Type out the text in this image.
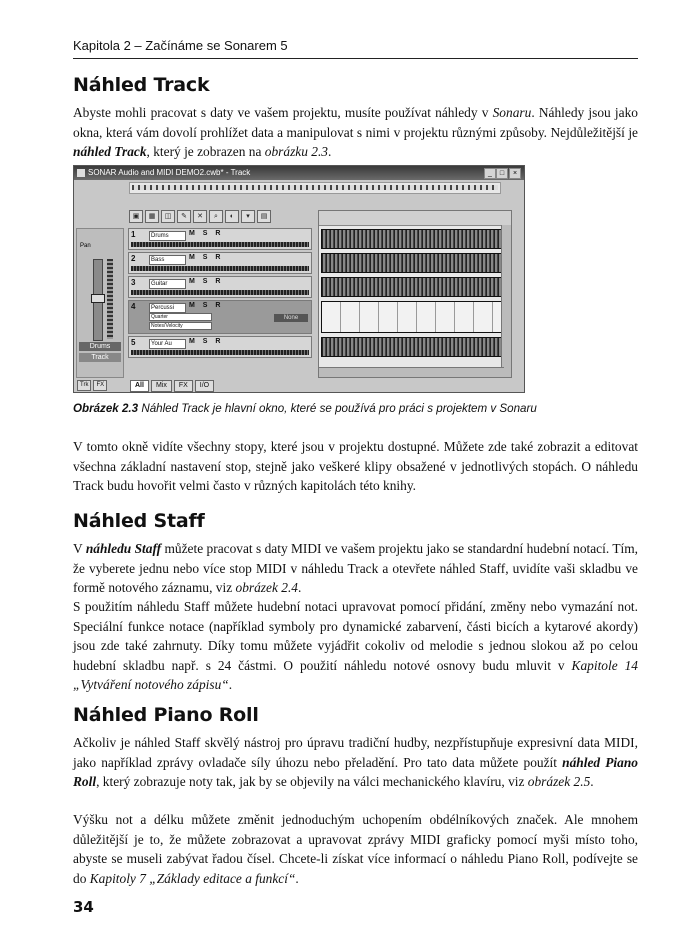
Kapitola 2 – Začínáme se Sonarem 5
Náhled Track

Abyste mohli pracovat s daty ve vašem projektu, musíte používat náhledy v Sonaru. Náhledy jsou jako okna, která vám dovolí prohlížet data a manipulovat s nimi v projektu různými způsoby. Nejdůležitější je náhled Track, který je zobrazen na obrázku 2.3.

SONAR Audio and MIDI DEMO2.cwb* - Track	_	□	×
▣	▦	◫	✎	✕	⌕	◐	▾	▤
Pan
Drums
Track
1	Drums	M S R
2	Bass	M S R
3	Guitar	M S R
4	Percussi	M S R
Quarter
Notes/Velocity
None
5	Your Au	M S R
Trk	FX	All	Mix	FX	I/O
Obrázek 2.3 Náhled Track je hlavní okno, které se používá pro práci s projektem v Sonaru

V tomto okně vidíte všechny stopy, které jsou v projektu dostupné. Můžete zde také zobrazit a editovat všechna základní nastavení stop, stejně jako veškeré klipy obsažené v jednotlivých stopách. O náhledu Track budu hovořit velmi často v různých kapitolách této knihy.

Náhled Staff

V náhledu Staff můžete pracovat s daty MIDI ve vašem projektu jako se standardní hudební notací. Tím, že vyberete jednu nebo více stop MIDI v náhledu Track a otevřete náhled Staff, uvidíte vaši skladbu ve formě notového záznamu, viz obrázek 2.4.

S použitím náhledu Staff můžete hudební notaci upravovat pomocí přidání, změny nebo vymazání not. Speciální funkce notace (například symboly pro dynamické zabarvení, části bicích a kytarové akordy) jsou zde také zahrnuty. Díky tomu můžete vyjádřit cokoliv od melodie s jednou slokou až po celou hudební skladbu např. s 24 částmi. O použití náhledu notové osnovy budu mluvit v Kapitole 14 „Vytváření notového zápisu“.

Náhled Piano Roll

Ačkoliv je náhled Staff skvělý nástroj pro úpravu tradiční hudby, nezpřístupňuje expresivní data MIDI, jako například zprávy ovladače síly úhozu nebo přeladění. Pro tato data můžete použít náhled Piano Roll, který zobrazuje noty tak, jak by se objevily na válci mechanického klavíru, viz obrázek 2.5.

Výšku not a délku můžete změnit jednoduchým uchopením obdélníkových značek. Ale mnohem důležitější je to, že můžete zobrazovat a upravovat zprávy MIDI graficky pomocí myši místo toho, abyste se museli zabývat řadou čísel. Chcete-li získat více informací o náhledu Piano Roll, podívejte se do Kapitoly 7 „Základy editace a funkcí“.

34
